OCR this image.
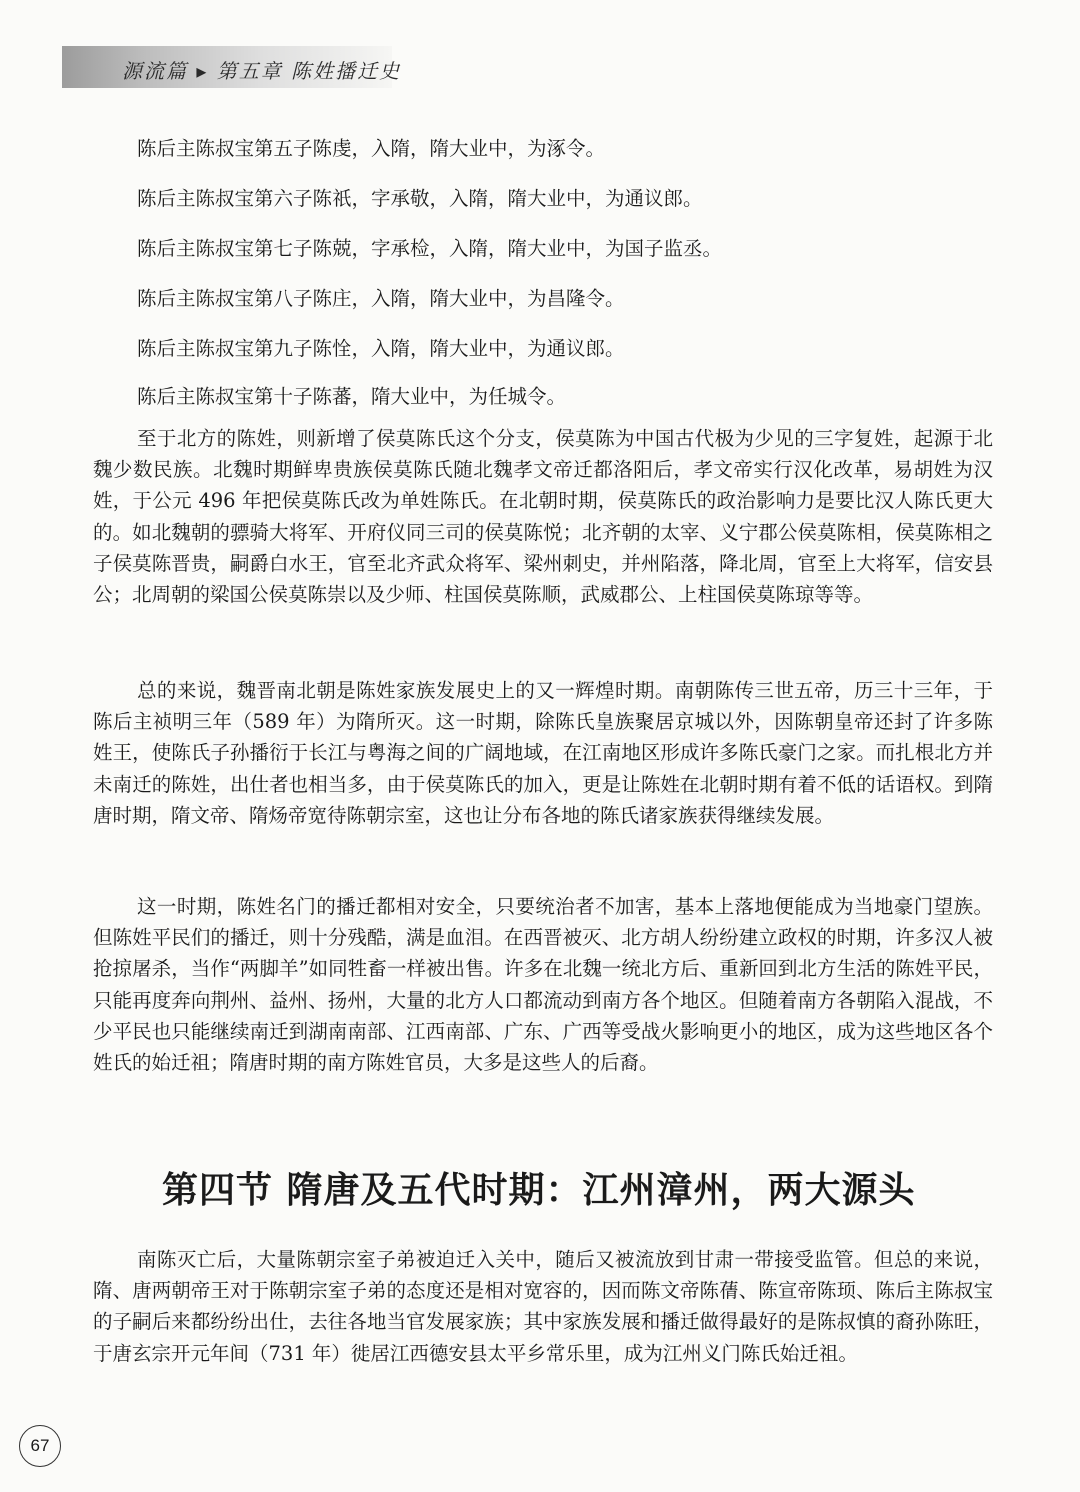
源流篇 ▸ 第五章 陈姓播迁史
陈后主陈叔宝第五子陈虔，入隋，隋大业中，为涿令。
陈后主陈叔宝第六子陈祇，字承敬，入隋，隋大业中，为通议郎。
陈后主陈叔宝第七子陈兢，字承检，入隋，隋大业中，为国子监丞。
陈后主陈叔宝第八子陈庄，入隋，隋大业中，为昌隆令。
陈后主陈叔宝第九子陈恮，入隋，隋大业中，为通议郎。
陈后主陈叔宝第十子陈蕃，隋大业中，为任城令。

至于北方的陈姓，则新增了侯莫陈氏这个分支，侯莫陈为中国古代极为少见的三字复姓，起源于北魏少数民族。北魏时期鲜卑贵族侯莫陈氏随北魏孝文帝迁都洛阳后，孝文帝实行汉化改革，易胡姓为汉姓，于公元 496 年把侯莫陈氏改为单姓陈氏。在北朝时期，侯莫陈氏的政治影响力是要比汉人陈氏更大的。如北魏朝的骠骑大将军、开府仪同三司的侯莫陈悦；北齐朝的太宰、义宁郡公侯莫陈相，侯莫陈相之子侯莫陈晋贵，嗣爵白水王，官至北齐武众将军、梁州刺史，并州陷落，降北周，官至上大将军，信安县公；北周朝的梁国公侯莫陈崇以及少师、柱国侯莫陈顺，武威郡公、上柱国侯莫陈琼等等。

总的来说，魏晋南北朝是陈姓家族发展史上的又一辉煌时期。南朝陈传三世五帝，历三十三年，于陈后主祯明三年（589 年）为隋所灭。这一时期，除陈氏皇族聚居京城以外，因陈朝皇帝还封了许多陈姓王，使陈氏子孙播衍于长江与粤海之间的广阔地域，在江南地区形成许多陈氏豪门之家。而扎根北方并未南迁的陈姓，出仕者也相当多，由于侯莫陈氏的加入，更是让陈姓在北朝时期有着不低的话语权。到隋唐时期，隋文帝、隋炀帝宽待陈朝宗室，这也让分布各地的陈氏诸家族获得继续发展。

这一时期，陈姓名门的播迁都相对安全，只要统治者不加害，基本上落地便能成为当地豪门望族。但陈姓平民们的播迁，则十分残酷，满是血泪。在西晋被灭、北方胡人纷纷建立政权的时期，许多汉人被抢掠屠杀，当作“两脚羊”如同牲畜一样被出售。许多在北魏一统北方后、重新回到北方生活的陈姓平民，只能再度奔向荆州、益州、扬州，大量的北方人口都流动到南方各个地区。但随着南方各朝陷入混战，不少平民也只能继续南迁到湖南南部、江西南部、广东、广西等受战火影响更小的地区，成为这些地区各个姓氏的始迁祖；隋唐时期的南方陈姓官员，大多是这些人的后裔。

第四节 隋唐及五代时期：江州漳州，两大源头

南陈灭亡后，大量陈朝宗室子弟被迫迁入关中，随后又被流放到甘肃一带接受监管。但总的来说，隋、唐两朝帝王对于陈朝宗室子弟的态度还是相对宽容的，因而陈文帝陈蒨、陈宣帝陈顼、陈后主陈叔宝的子嗣后来都纷纷出仕，去往各地当官发展家族；其中家族发展和播迁做得最好的是陈叔慎的裔孙陈旺，于唐玄宗开元年间（731 年）徙居江西德安县太平乡常乐里，成为江州义门陈氏始迁祖。

67
